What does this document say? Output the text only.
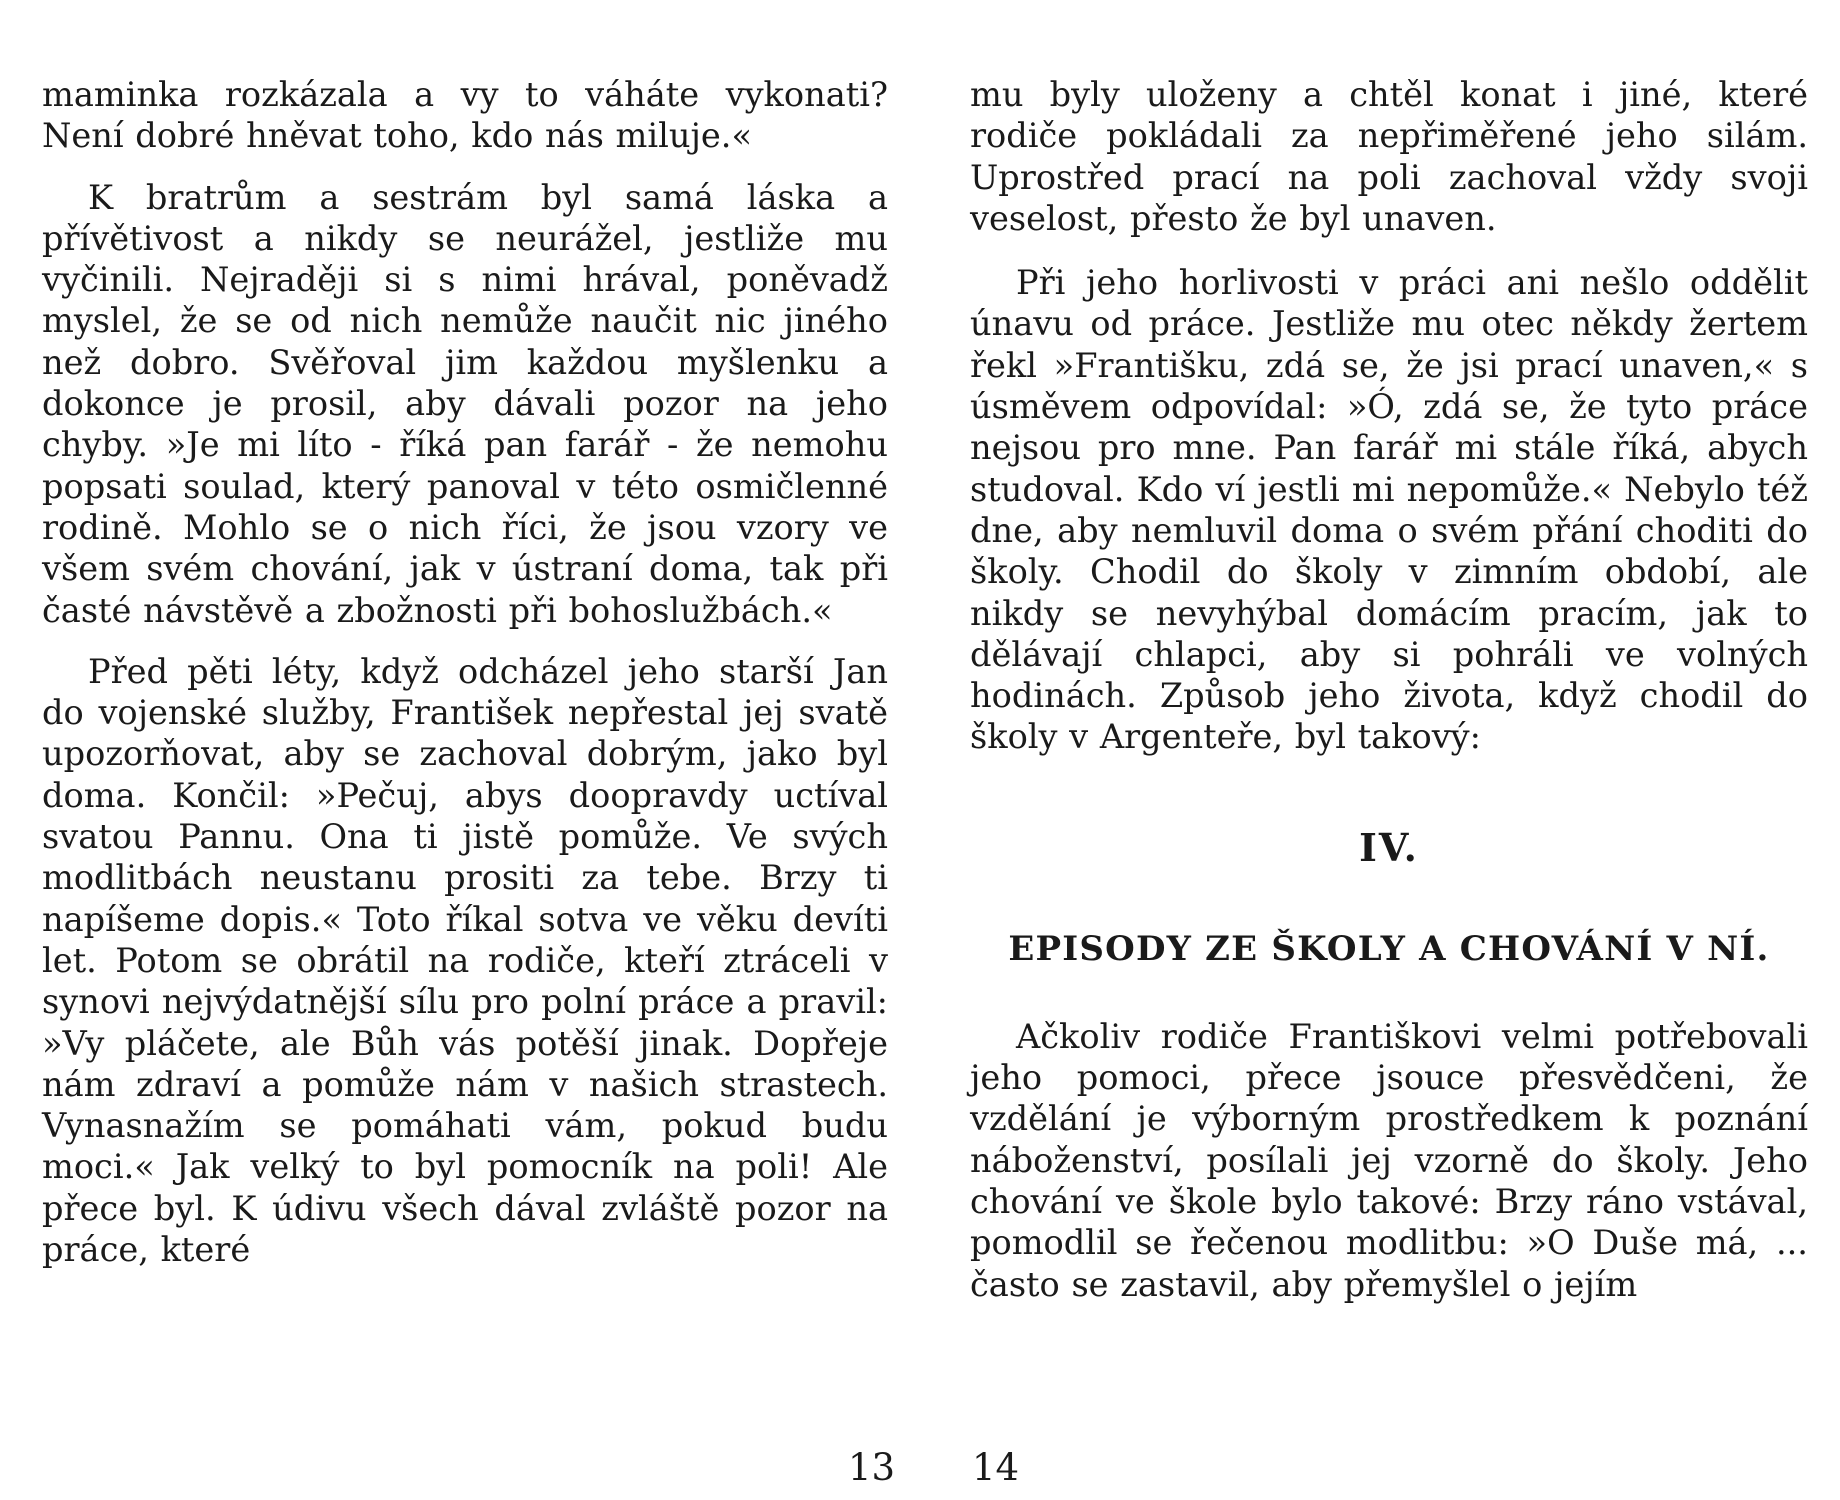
maminka rozkázala a vy to váháte vykonati? Není dobré hněvat toho, kdo nás miluje.«

K bratrům a sestrám byl samá láska a přívětivost a nikdy se neurážel, jestliže mu vyčinili. Nejraději si s nimi hrával, poněvadž myslel, že se od nich nemůže naučit nic jiného než dobro. Svěřoval jim každou myšlenku a dokonce je prosil, aby dávali pozor na jeho chyby. »Je mi líto - říká pan farář - že nemohu popsati soulad, který panoval v této osmičlenné rodině. Mohlo se o nich říci, že jsou vzory ve všem svém chování, jak v ústraní doma, tak při časté návstěvě a zbožnosti při bohoslužbách.«

Před pěti léty, když odcházel jeho starší Jan do vojenské služby, František nepřestal jej svatě upozorňovat, aby se zachoval dobrým, jako byl doma. Končil: »Pečuj, abys doopravdy uctíval svatou Pannu. Ona ti jistě pomůže. Ve svých modlitbách neustanu prositi za tebe. Brzy ti napíšeme dopis.« Toto říkal sotva ve věku devíti let. Potom se obrátil na rodiče, kteří ztráceli v synovi nejvýdatnější sílu pro polní práce a pravil: »Vy pláčete, ale Bůh vás potěší jinak. Dopřeje nám zdraví a pomůže nám v našich strastech. Vynasnažím se pomáhati vám, pokud budu moci.« Jak velký to byl pomocník na poli! Ale přece byl. K údivu všech dával zvláště pozor na práce, které

mu byly uloženy a chtěl konat i jiné, které rodiče pokládali za nepřiměřené jeho silám. Uprostřed prací na poli zachoval vždy svoji veselost, přesto že byl unaven.

Při jeho horlivosti v práci ani nešlo oddělit únavu od práce. Jestliže mu otec někdy žertem řekl »Františku, zdá se, že jsi prací unaven,« s úsměvem odpovídal: »Ó, zdá se, že tyto práce nejsou pro mne. Pan farář mi stále říká, abych studoval. Kdo ví jestli mi nepomůže.« Nebylo též dne, aby nemluvil doma o svém přání choditi do školy. Chodil do školy v zimním období, ale nikdy se nevyhýbal domácím pracím, jak to dělávají chlapci, aby si pohráli ve volných hodinách. Způsob jeho života, když chodil do školy v Argenteře, byl takový:

IV.
EPISODY ZE ŠKOLY A CHOVÁNÍ V NÍ.

Ačkoliv rodiče Františkovi velmi potřebovali jeho pomoci, přece jsouce přesvědčeni, že vzdělání je výborným prostředkem k poznání náboženství, posílali jej vzorně do školy. Jeho chování ve škole bylo takové: Brzy ráno vstával, pomodlil se řečenou modlitbu: »O Duše má, ... často se zastavil, aby přemyšlel o jejím

13 14
